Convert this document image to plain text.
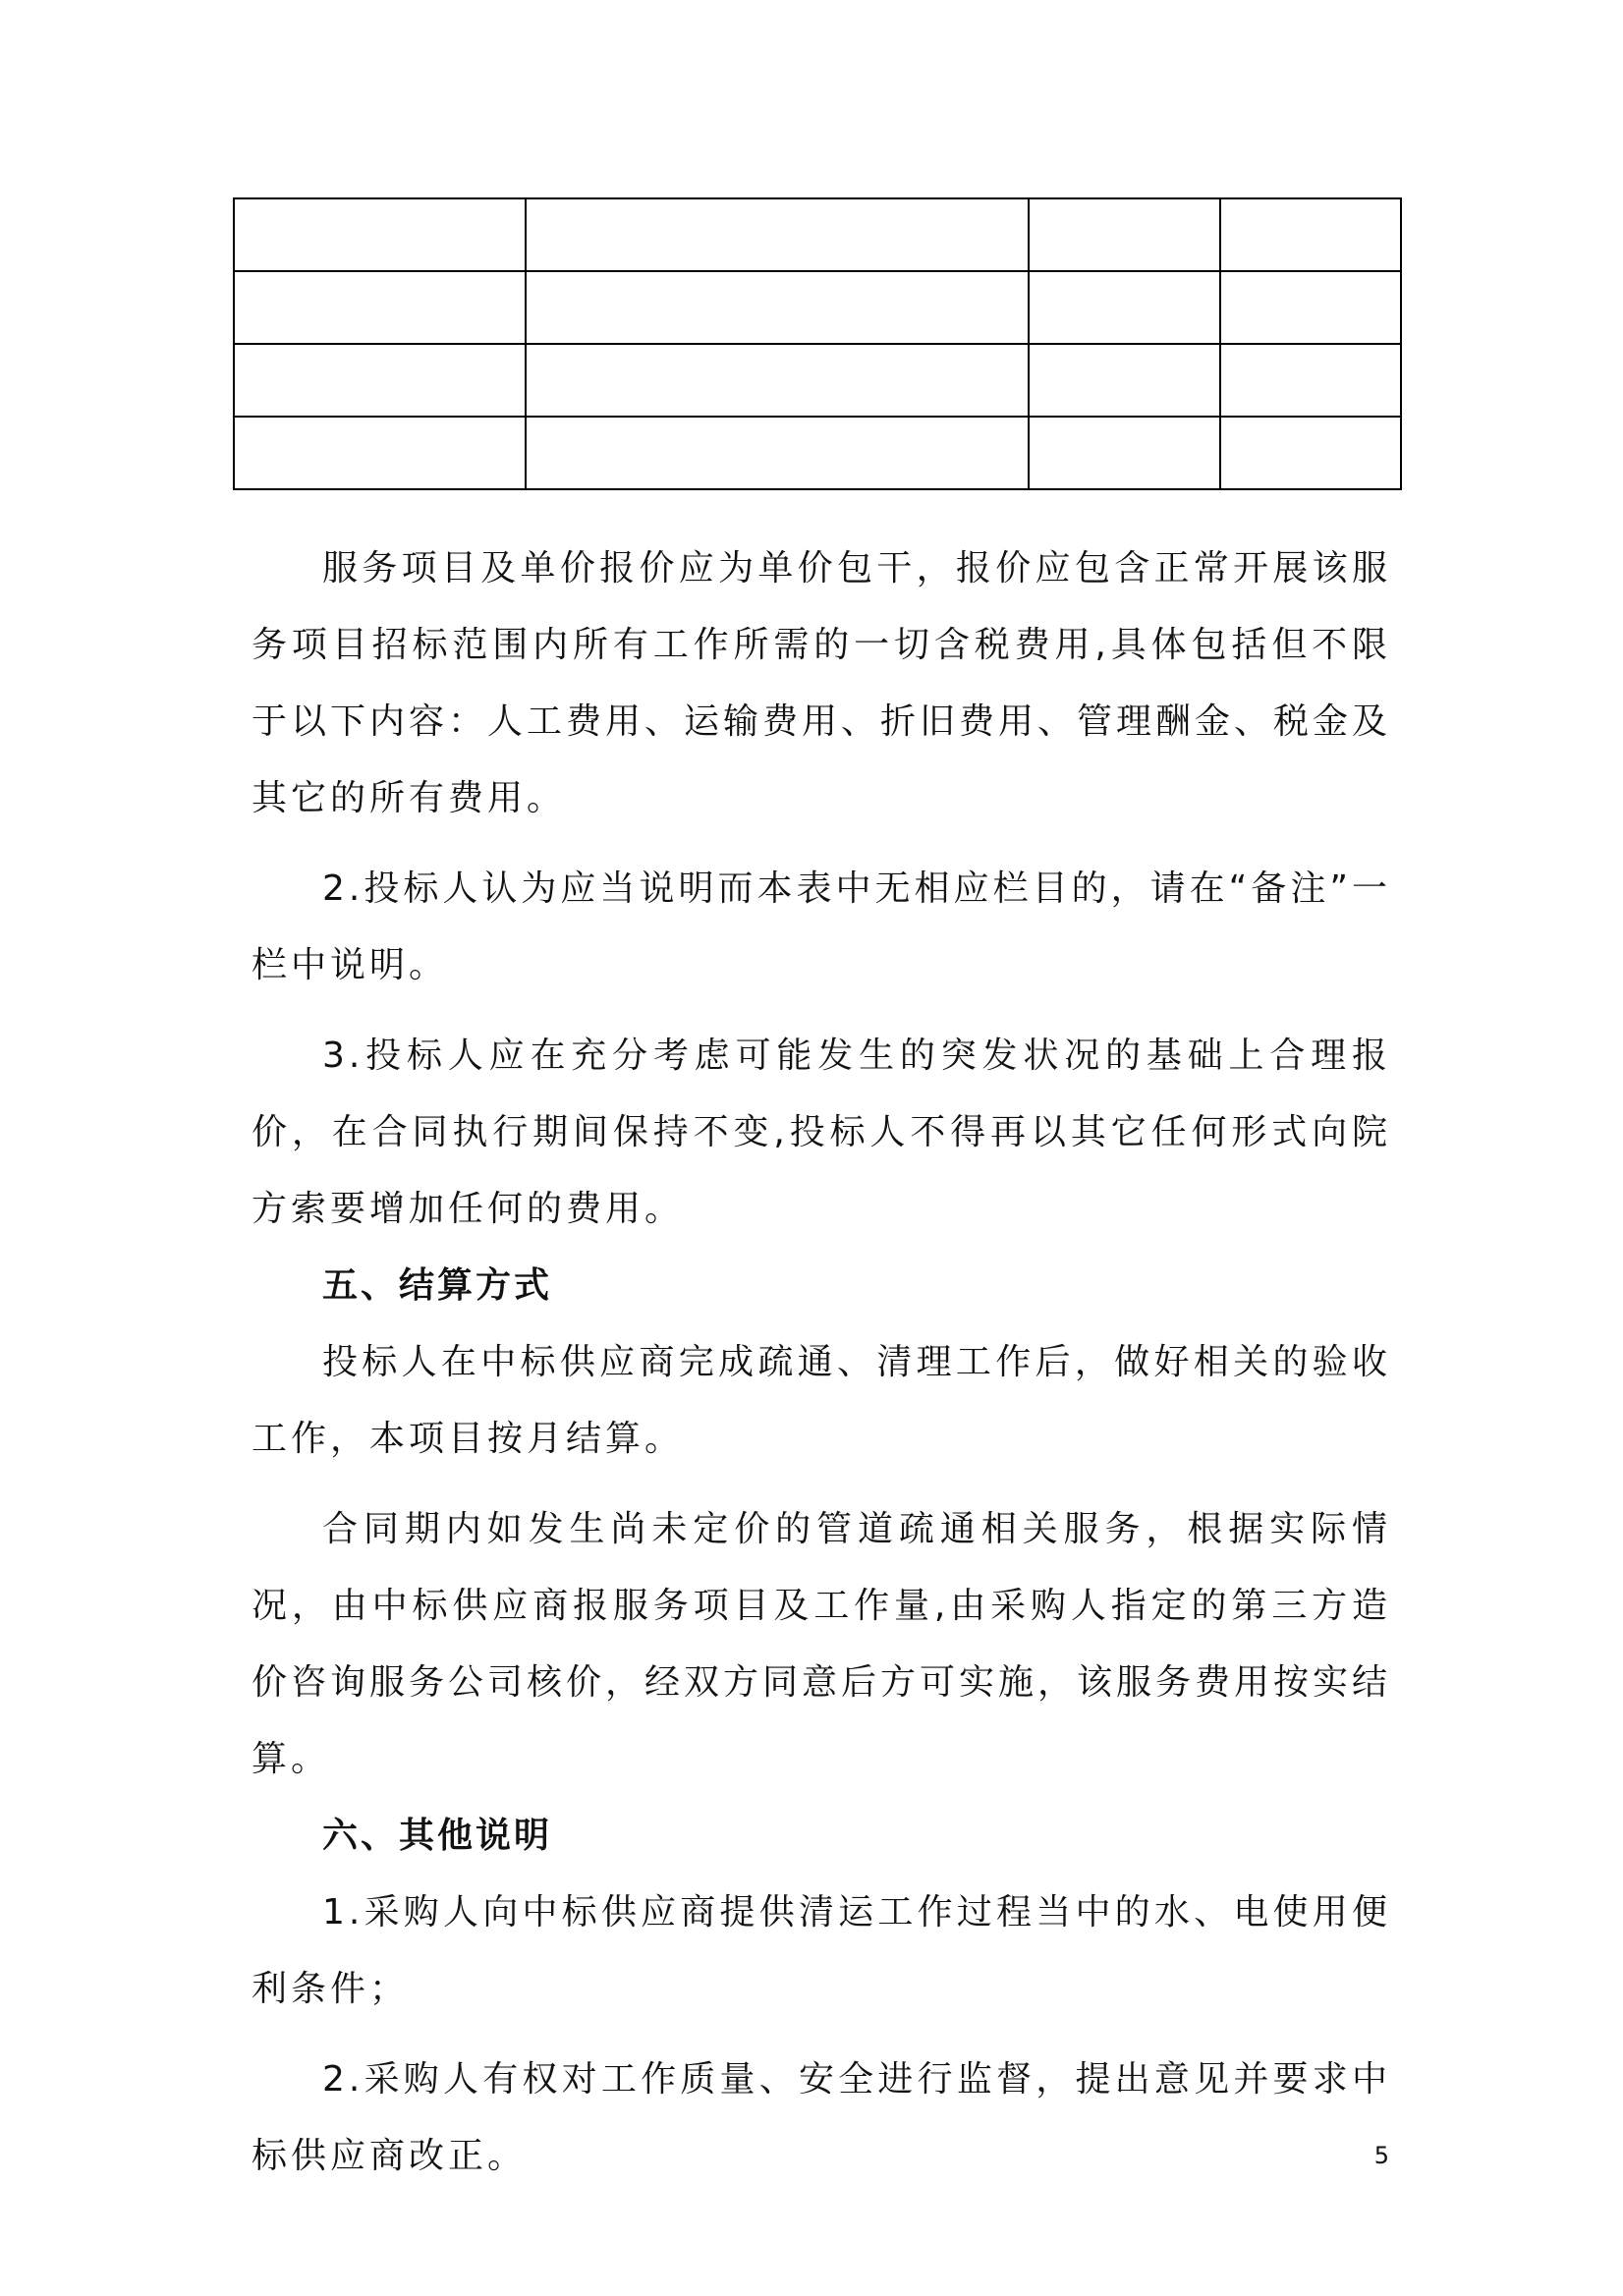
服务项目及单价报价应为单价包干，报价应包含正常开展该服务项目招标范围内所有工作所需的一切含税费用,具体包括但不限于以下内容：人工费用、运输费用、折旧费用、管理酬金、税金及其它的所有费用。

2.投标人认为应当说明而本表中无相应栏目的，请在“备注”一栏中说明。

3.投标人应在充分考虑可能发生的突发状况的基础上合理报价，在合同执行期间保持不变,投标人不得再以其它任何形式向院方索要增加任何的费用。

五、结算方式

投标人在中标供应商完成疏通、清理工作后，做好相关的验收工作，本项目按月结算。

合同期内如发生尚未定价的管道疏通相关服务，根据实际情况，由中标供应商报服务项目及工作量,由采购人指定的第三方造价咨询服务公司核价，经双方同意后方可实施，该服务费用按实结算。

六、其他说明

1.采购人向中标供应商提供清运工作过程当中的水、电使用便利条件；

2.采购人有权对工作质量、安全进行监督，提出意见并要求中标供应商改正。	5
